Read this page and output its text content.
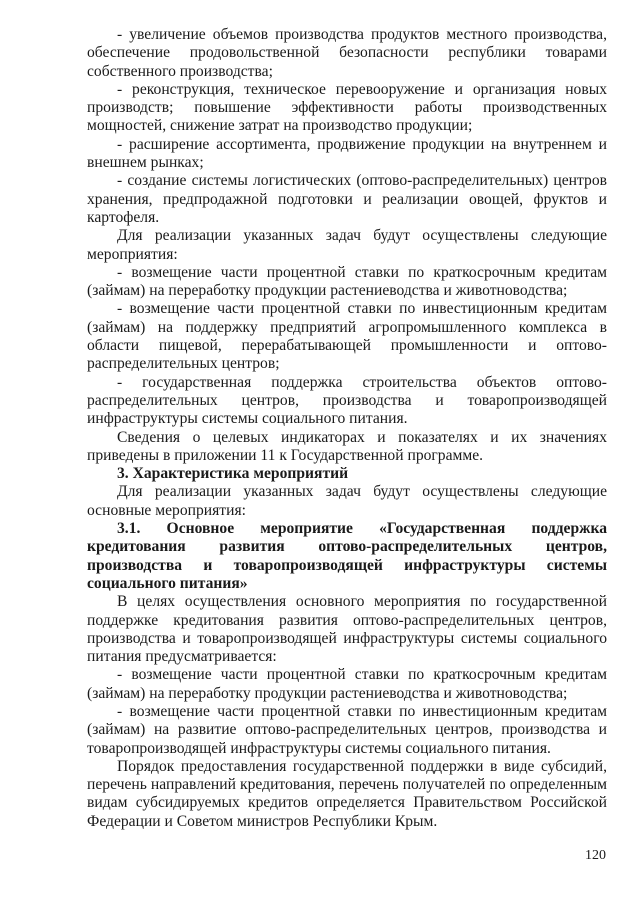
- увеличение объемов производства продуктов местного производства, обеспечение продовольственной безопасности республики товарами собственного производства;

- реконструкция, техническое перевооружение и организация новых производств; повышение эффективности работы производственных мощностей, снижение затрат на производство продукции;

- расширение ассортимента, продвижение продукции на внутреннем и внешнем рынках;

- создание системы логистических (оптово-распределительных) центров хранения, предпродажной подготовки и реализации овощей, фруктов и картофеля.

Для реализации указанных задач будут осуществлены следующие мероприятия:

- возмещение части процентной ставки по краткосрочным кредитам (займам) на переработку продукции растениеводства и животноводства;

- возмещение части процентной ставки по инвестиционным кредитам (займам) на поддержку предприятий агропромышленного комплекса в области пищевой, перерабатывающей промышленности и оптово-распределительных центров;

- государственная поддержка строительства объектов оптово-распределительных центров, производства и товаропроизводящей инфраструктуры системы социального питания.

Сведения о целевых индикаторах и показателях и их значениях приведены в приложении 11 к Государственной программе.

3. Характеристика мероприятий

Для реализации указанных задач будут осуществлены следующие основные мероприятия:

3.1. Основное мероприятие «Государственная поддержка кредитования развития оптово-распределительных центров, производства и товаропроизводящей инфраструктуры системы социального питания»

В целях осуществления основного мероприятия по государственной поддержке кредитования развития оптово-распределительных центров, производства и товаропроизводящей инфраструктуры системы социального питания предусматривается:

- возмещение части процентной ставки по краткосрочным кредитам (займам) на переработку продукции растениеводства и животноводства;

- возмещение части процентной ставки по инвестиционным кредитам (займам) на развитие оптово-распределительных центров, производства и товаропроизводящей инфраструктуры системы социального питания.

Порядок предоставления государственной поддержки в виде субсидий, перечень направлений кредитования, перечень получателей по определенным видам субсидируемых кредитов определяется Правительством Российской Федерации и Советом министров Республики Крым.

120
